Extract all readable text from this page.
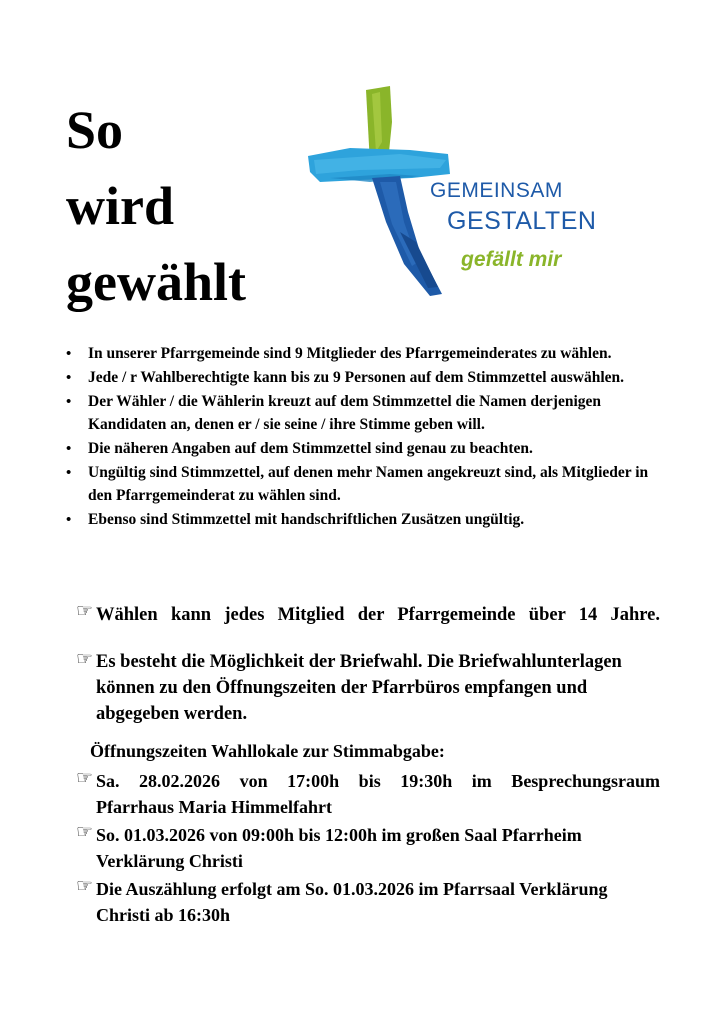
So
wird
gewählt
GEMEINSAM
GESTALTEN
gefällt mir
• In unserer Pfarrgemeinde sind 9 Mitglieder des Pfarrgemeinderates zu wählen.
• Jede / r Wahlberechtigte kann bis zu 9 Personen auf dem Stimmzettel auswählen.
• Der Wähler / die Wählerin kreuzt auf dem Stimmzettel die Namen derjenigen Kandidaten an, denen er / sie seine / ihre Stimme geben will.
• Die näheren Angaben auf dem Stimmzettel sind genau zu beachten.
• Ungültig sind Stimmzettel, auf denen mehr Namen angekreuzt sind, als Mitglieder in den Pfarrgemeinderat zu wählen sind.
• Ebenso sind Stimmzettel mit handschriftlichen Zusätzen ungültig.
☞ Wählen kann jedes Mitglied der Pfarrgemeinde über 14 Jahre.
☞ Es besteht die Möglichkeit der Briefwahl. Die Briefwahlunterlagen
können zu den Öffnungszeiten der Pfarrbüros empfangen und
abgegeben werden.
Öffnungszeiten Wahllokale zur Stimmabgabe:
☞ Sa. 28.02.2026 von 17:00h bis 19:30h im Besprechungsraum
Pfarrhaus Maria Himmelfahrt
☞ So. 01.03.2026 von 09:00h bis 12:00h im großen Saal Pfarrheim
Verklärung Christi
☞ Die Auszählung erfolgt am So. 01.03.2026 im Pfarrsaal Verklärung
Christi ab 16:30h
